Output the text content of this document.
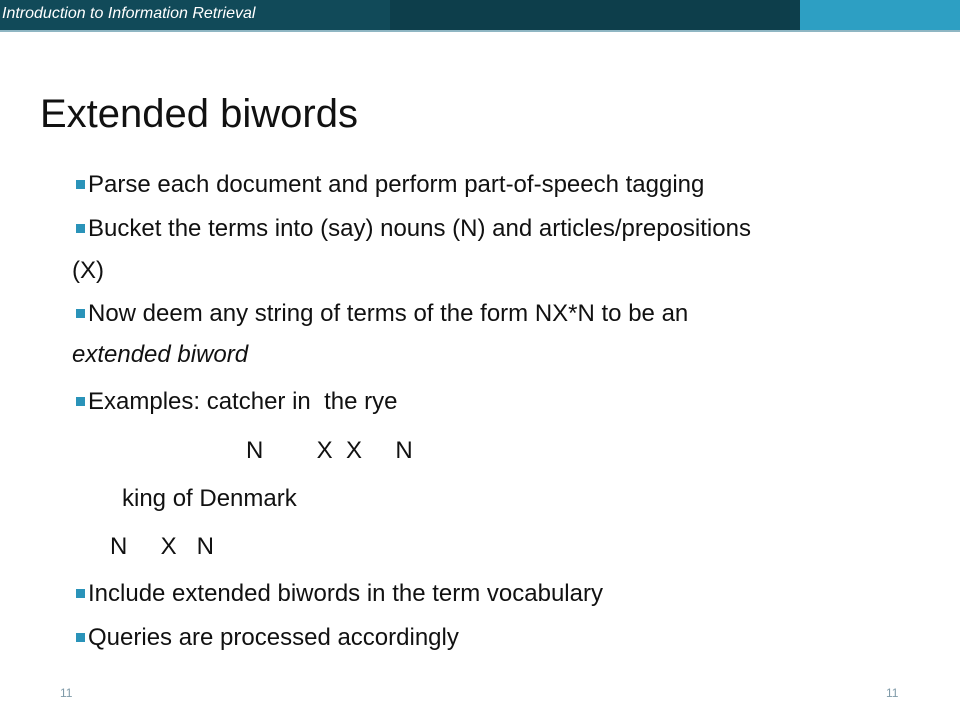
Introduction to Information Retrieval
Extended biwords
Parse each document and perform part-of-speech tagging
Bucket the terms into (say) nouns (N) and articles/prepositions
(X)
Now deem any string of terms of the form NX*N to be an
extended biword
Examples: catcher in  the rye
N        X  X     N
king of Denmark
N     X   N
Include extended biwords in the term vocabulary
Queries are processed accordingly
11	11
